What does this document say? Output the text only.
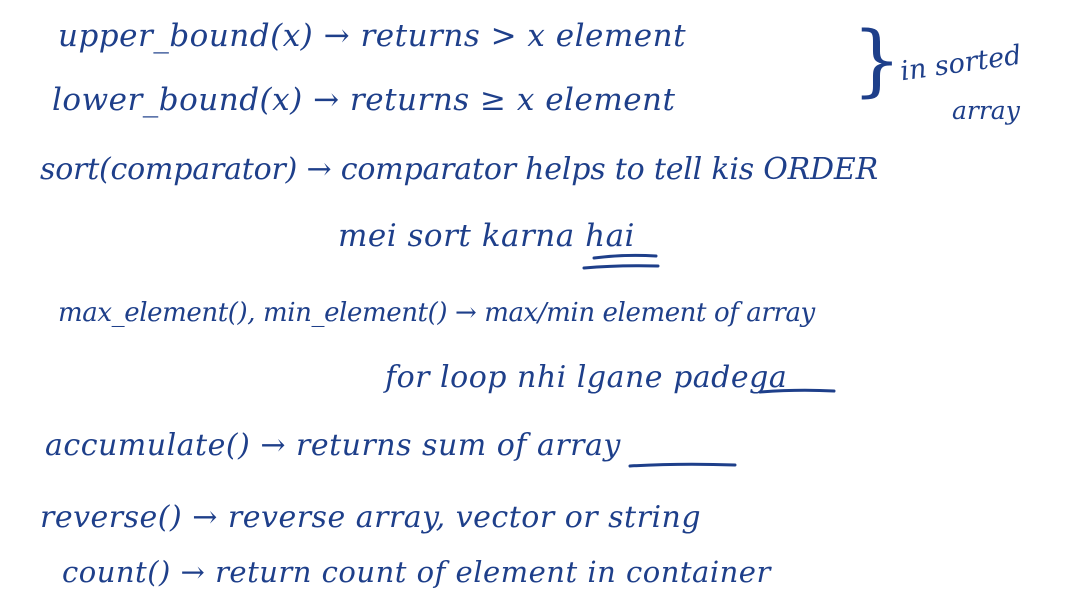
upper_bound(x) → returns > x element
lower_bound(x) → returns ≥ x element }
in sorted
array
sort(comparator) → comparator helps to tell kis ORDER
mei sort karna hai
max_element(), min_element() → max/min element of array
for loop nhi lgane padega
accumulate() → returns sum of array
reverse() → reverse array, vector or string
count() → return count of element in container
